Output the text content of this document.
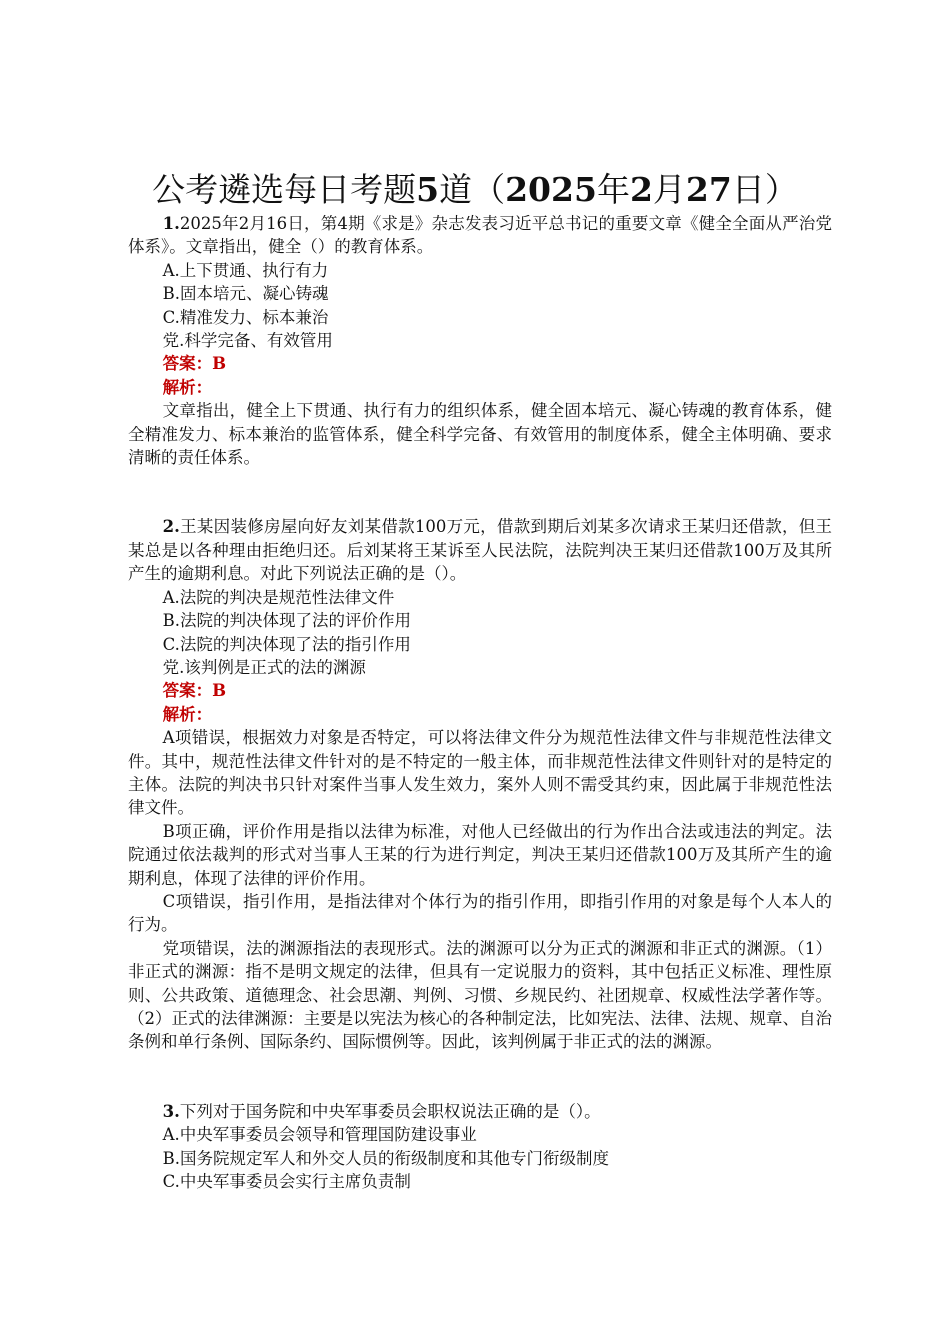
公考遴选每日考题5道（2025年2月27日）

1.2025年2月16日，第4期《求是》杂志发表习近平总书记的重要文章《健全全面从严治党体系》。文章指出，健全（）的教育体系。

A.上下贯通、执行有力

B.固本培元、凝心铸魂

C.精准发力、标本兼治

党.科学完备、有效管用

答案：B

解析：

文章指出，健全上下贯通、执行有力的组织体系，健全固本培元、凝心铸魂的教育体系，健全精准发力、标本兼治的监管体系，健全科学完备、有效管用的制度体系，健全主体明确、要求清晰的责任体系。

2.王某因装修房屋向好友刘某借款100万元，借款到期后刘某多次请求王某归还借款，但王某总是以各种理由拒绝归还。后刘某将王某诉至人民法院，法院判决王某归还借款100万及其所产生的逾期利息。对此下列说法正确的是（）。

A.法院的判决是规范性法律文件

B.法院的判决体现了法的评价作用

C.法院的判决体现了法的指引作用

党.该判例是正式的法的渊源

答案：B

解析：

A项错误，根据效力对象是否特定，可以将法律文件分为规范性法律文件与非规范性法律文件。其中，规范性法律文件针对的是不特定的一般主体，而非规范性法律文件则针对的是特定的主体。法院的判决书只针对案件当事人发生效力，案外人则不需受其约束，因此属于非规范性法律文件。

B项正确，评价作用是指以法律为标准，对他人已经做出的行为作出合法或违法的判定。法院通过依法裁判的形式对当事人王某的行为进行判定，判决王某归还借款100万及其所产生的逾期利息，体现了法律的评价作用。

C项错误，指引作用，是指法律对个体行为的指引作用，即指引作用的对象是每个人本人的行为。

党项错误，法的渊源指法的表现形式。法的渊源可以分为正式的渊源和非正式的渊源。（1）非正式的渊源：指不是明文规定的法律，但具有一定说服力的资料，其中包括正义标准、理性原则、公共政策、道德理念、社会思潮、判例、习惯、乡规民约、社团规章、权威性法学著作等。（2）正式的法律渊源：主要是以宪法为核心的各种制定法，比如宪法、法律、法规、规章、自治条例和单行条例、国际条约、国际惯例等。因此，该判例属于非正式的法的渊源。

3.下列对于国务院和中央军事委员会职权说法正确的是（）。

A.中央军事委员会领导和管理国防建设事业

B.国务院规定军人和外交人员的衔级制度和其他专门衔级制度

C.中央军事委员会实行主席负责制
